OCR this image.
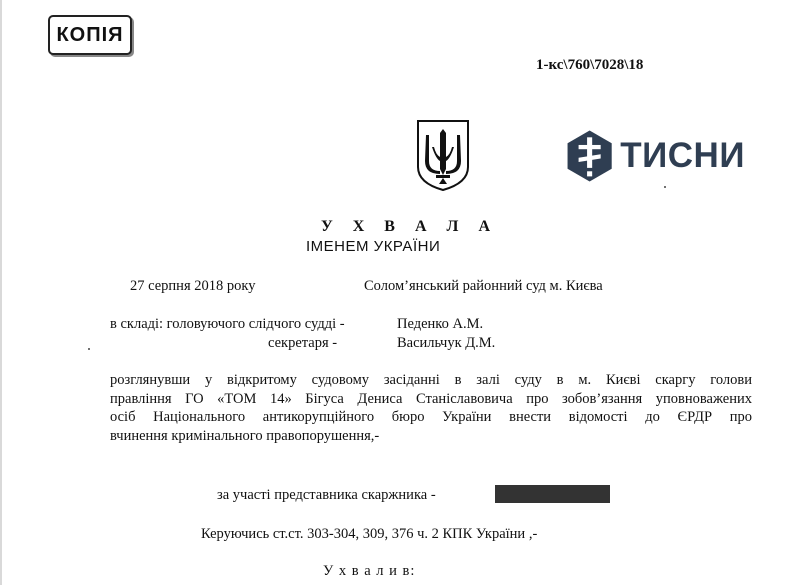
КОПІЯ
1-кс\760\7028\18
ТИСНИ
У Х В А Л А
ІМЕНЕМ УКРАЇНИ
27 серпня 2018 року	Солом’янський районний суд м. Києва
в складі: головуючого слідчого судді -	Педенко А.М.
секретаря -	Васильчук Д.М.
розглянувши у відкритому судовому засіданні в залі суду в м. Києві скаргу голови
правління ГО «ТОМ 14» Бігуса Дениса Станіславовича про зобов’язання уповноважених
осіб Національного антикорупційного бюро України внести відомості до ЄРДР про
вчинення кримінального правопорушення,-
за участі представника скаржника -
Керуючись ст.ст. 303-304, 309, 376 ч. 2 КПК України ,-
У х в а л и в:
